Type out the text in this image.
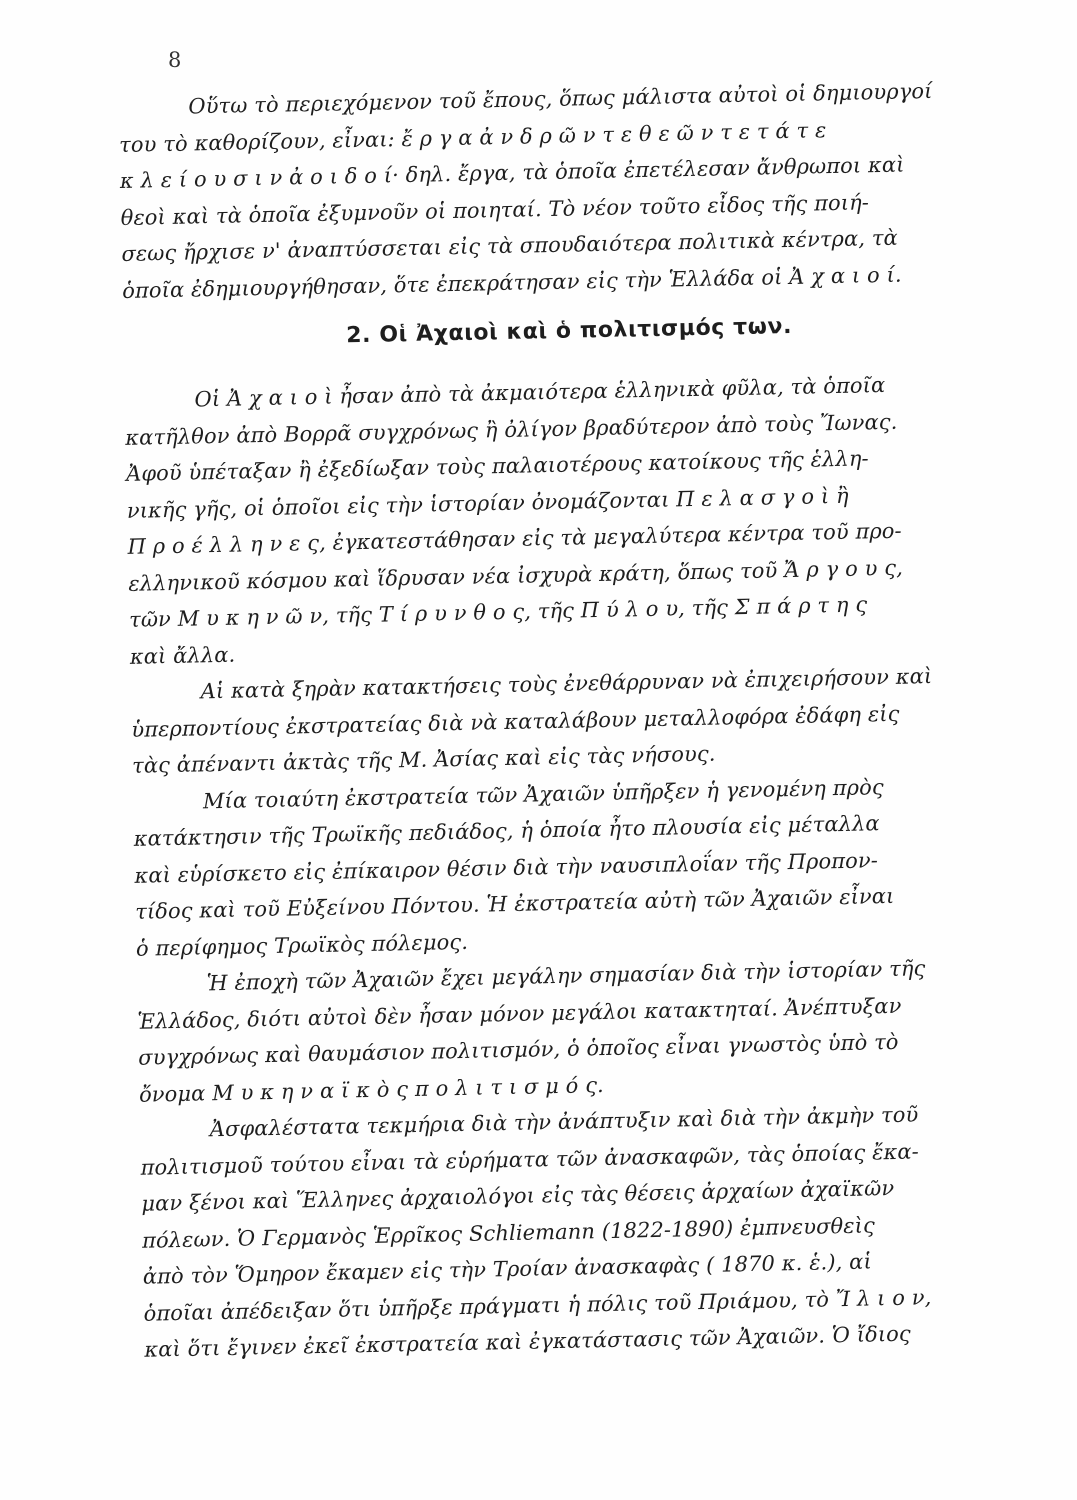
8
Οὕτω τὸ περιεχόμενον τοῦ ἔπους, ὅπως μάλιστα αὐτοὶ οἱ δημιουργοί
του τὸ καθορίζουν, εἶναι: ἔ ρ γ α ἀ ν δ ρ ῶ ν τ ε θ ε ῶ ν τ ε τ ά τ ε
κ λ ε ί ο υ σ ι ν ἀ ο ι δ ο ί· δηλ. ἔργα, τὰ ὁποῖα ἐπετέλεσαν ἄνθρωποι καὶ
θεοὶ καὶ τὰ ὁποῖα ἐξυμνοῦν οἱ ποιηταί. Τὸ νέον τοῦτο εἶδος τῆς ποιή-
σεως ἤρχισε ν' ἀναπτύσσεται εἰς τὰ σπουδαιότερα πολιτικὰ κέντρα, τὰ
ὁποῖα ἐδημιουργήθησαν, ὅτε ἐπεκράτησαν εἰς τὴν Ἑλλάδα οἱ Ἀ χ α ι ο ί.
2. Οἱ Ἀχαιοὶ καὶ ὁ πολιτισμός των.
Οἱ Ἀ χ α ι ο ὶ ἦσαν ἀπὸ τὰ ἀκμαιότερα ἑλληνικὰ φῦλα, τὰ ὁποῖα
κατῆλθον ἀπὸ Βορρᾶ συγχρόνως ἢ ὀλίγον βραδύτερον ἀπὸ τοὺς Ἴωνας.
Ἀφοῦ ὑπέταξαν ἢ ἐξεδίωξαν τοὺς παλαιοτέρους κατοίκους τῆς ἑλλη-
νικῆς γῆς, οἱ ὁποῖοι εἰς τὴν ἱστορίαν ὀνομάζονται Π ε λ α σ γ ο ὶ ἢ
Π ρ ο έ λ λ η ν ε ς, ἐγκατεστάθησαν εἰς τὰ μεγαλύτερα κέντρα τοῦ προ-
ελληνικοῦ κόσμου καὶ ἵδρυσαν νέα ἰσχυρὰ κράτη, ὅπως τοῦ Ἄ ρ γ ο υ ς,
τῶν Μ υ κ η ν ῶ ν, τῆς Τ ί ρ υ ν θ ο ς, τῆς Π ύ λ ο υ, τῆς Σ π ά ρ τ η ς
καὶ ἄλλα.
Αἱ κατὰ ξηρὰν κατακτήσεις τοὺς ἐνεθάρρυναν νὰ ἐπιχειρήσουν καὶ
ὑπερποντίους ἐκστρατείας διὰ νὰ καταλάβουν μεταλλοφόρα ἐδάφη εἰς
τὰς ἀπέναντι ἀκτὰς τῆς Μ. Ἀσίας καὶ εἰς τὰς νήσους.
Μία τοιαύτη ἐκστρατεία τῶν Ἀχαιῶν ὑπῆρξεν ἡ γενομένη πρὸς
κατάκτησιν τῆς Τρωϊκῆς πεδιάδος, ἡ ὁποία ἦτο πλουσία εἰς μέταλλα
καὶ εὑρίσκετο εἰς ἐπίκαιρον θέσιν διὰ τὴν ναυσιπλοΐαν τῆς Προπον-
τίδος καὶ τοῦ Εὐξείνου Πόντου. Ἡ ἐκστρατεία αὐτὴ τῶν Ἀχαιῶν εἶναι
ὁ περίφημος Τρωϊκὸς πόλεμος.
Ἡ ἐποχὴ τῶν Ἀχαιῶν ἔχει μεγάλην σημασίαν διὰ τὴν ἱστορίαν τῆς
Ἑλλάδος, διότι αὐτοὶ δὲν ἦσαν μόνον μεγάλοι κατακτηταί. Ἀνέπτυξαν
συγχρόνως καὶ θαυμάσιον πολιτισμόν, ὁ ὁποῖος εἶναι γνωστὸς ὑπὸ τὸ
ὄνομα Μ υ κ η ν α ϊ κ ὸ ς π ο λ ι τ ι σ μ ό ς.
Ἀσφαλέστατα τεκμήρια διὰ τὴν ἀνάπτυξιν καὶ διὰ τὴν ἀκμὴν τοῦ
πολιτισμοῦ τούτου εἶναι τὰ εὑρήματα τῶν ἀνασκαφῶν, τὰς ὁποίας ἔκα-
μαν ξένοι καὶ Ἕλληνες ἀρχαιολόγοι εἰς τὰς θέσεις ἀρχαίων ἀχαϊκῶν
πόλεων. Ὁ Γερμανὸς Ἑρρῖκος Schliemann (1822-1890) ἐμπνευσθεὶς
ἀπὸ τὸν Ὅμηρον ἔκαμεν εἰς τὴν Τροίαν ἀνασκαφὰς ( 1870 κ. ἑ.), αἱ
ὁποῖαι ἀπέδειξαν ὅτι ὑπῆρξε πράγματι ἡ πόλις τοῦ Πριάμου, τὸ Ἴ λ ι ο ν,
καὶ ὅτι ἔγινεν ἐκεῖ ἐκστρατεία καὶ ἐγκατάστασις τῶν Ἀχαιῶν. Ὁ ἴδιος
